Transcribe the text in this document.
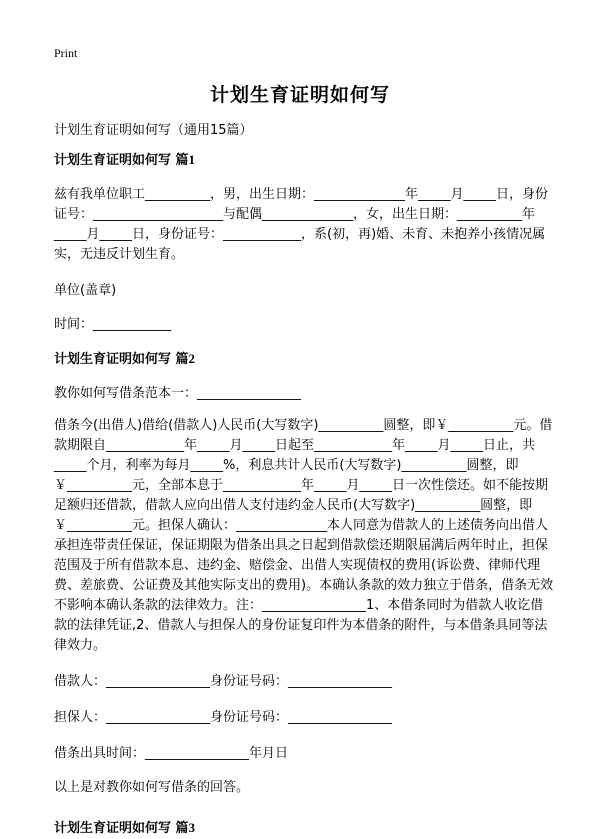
Print
计划生育证明如何写
计划生育证明如何写（通用15篇）

计划生育证明如何写 篇1

兹有我单位职工__________，男，出生日期：______________年_____月_____日，身份证号：____________________与配偶______________，女，出生日期：__________年_____月_____日，身份证号：____________，系(初，再)婚、未育、未抱养小孩情况属实，无违反计划生育。

单位(盖章)

时间：____________

计划生育证明如何写 篇2

教你如何写借条范本一：________________

借条今(出借人)借给(借款人)人民币(大写数字)__________圆整，即￥__________元。借款期限自____________年_____月_____日起至____________年_____月_____日止，共_____个月，利率为每月_____%，利息共计人民币(大写数字)__________圆整，即￥__________元，全部本息于____________年_____月_____日一次性偿还。如不能按期足额归还借款，借款人应向出借人支付违约金人民币(大写数字)__________圆整，即￥__________元。担保人确认：______________本人同意为借款人的上述债务向出借人承担连带责任保证，保证期限为借条出具之日起到借款偿还期限届满后两年时止，担保范围及于所有借款本息、违约金、赔偿金、出借人实现债权的费用(诉讼费、律师代理费、差旅费、公证费及其他实际支出的费用)。本确认条款的效力独立于借条，借条无效不影响本确认条款的法律效力。注：________________1、本借条同时为借款人收讫借款的法律凭证,2、借款人与担保人的身份证复印件为本借条的附件，与本借条具同等法律效力。

借款人：________________身份证号码：________________

担保人：________________身份证号码：________________

借条出具时间：________________年月日

以上是对教你如何写借条的回答。

计划生育证明如何写 篇3
